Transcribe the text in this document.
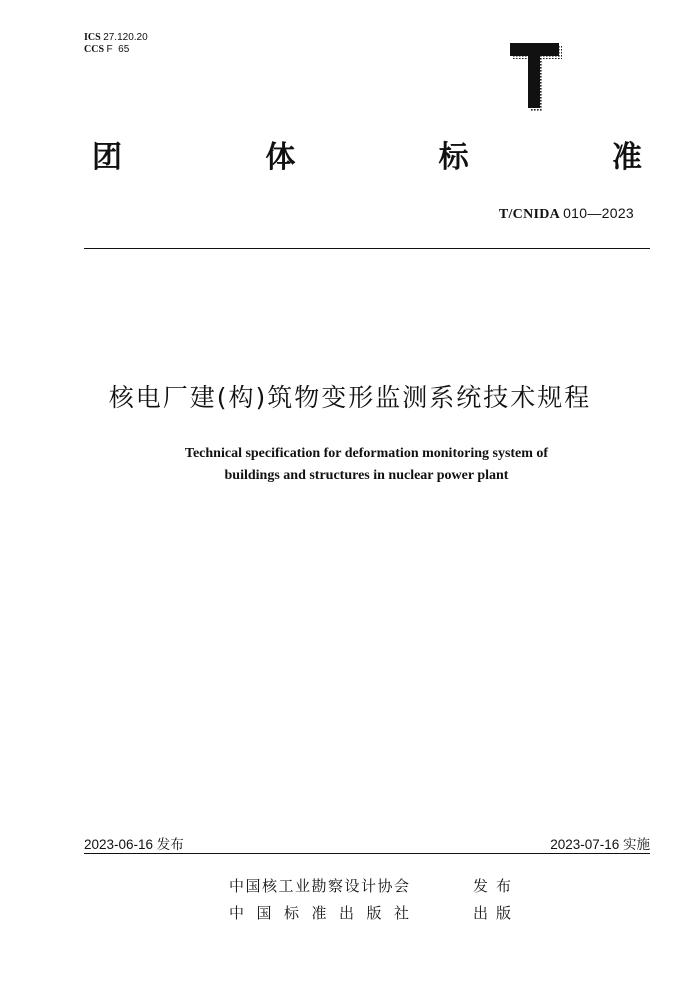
ICS 27.120.20
CCS F  65
团	体	标	准
T/CNIDA 010—2023
核电厂建(构)筑物变形监测系统技术规程
Technical specification for deformation monitoring system of
buildings and structures in nuclear power plant
2023-06-16 发布	2023-07-16 实施
中国核工业勘察设计协会	发布
中国标准出版社	出版
